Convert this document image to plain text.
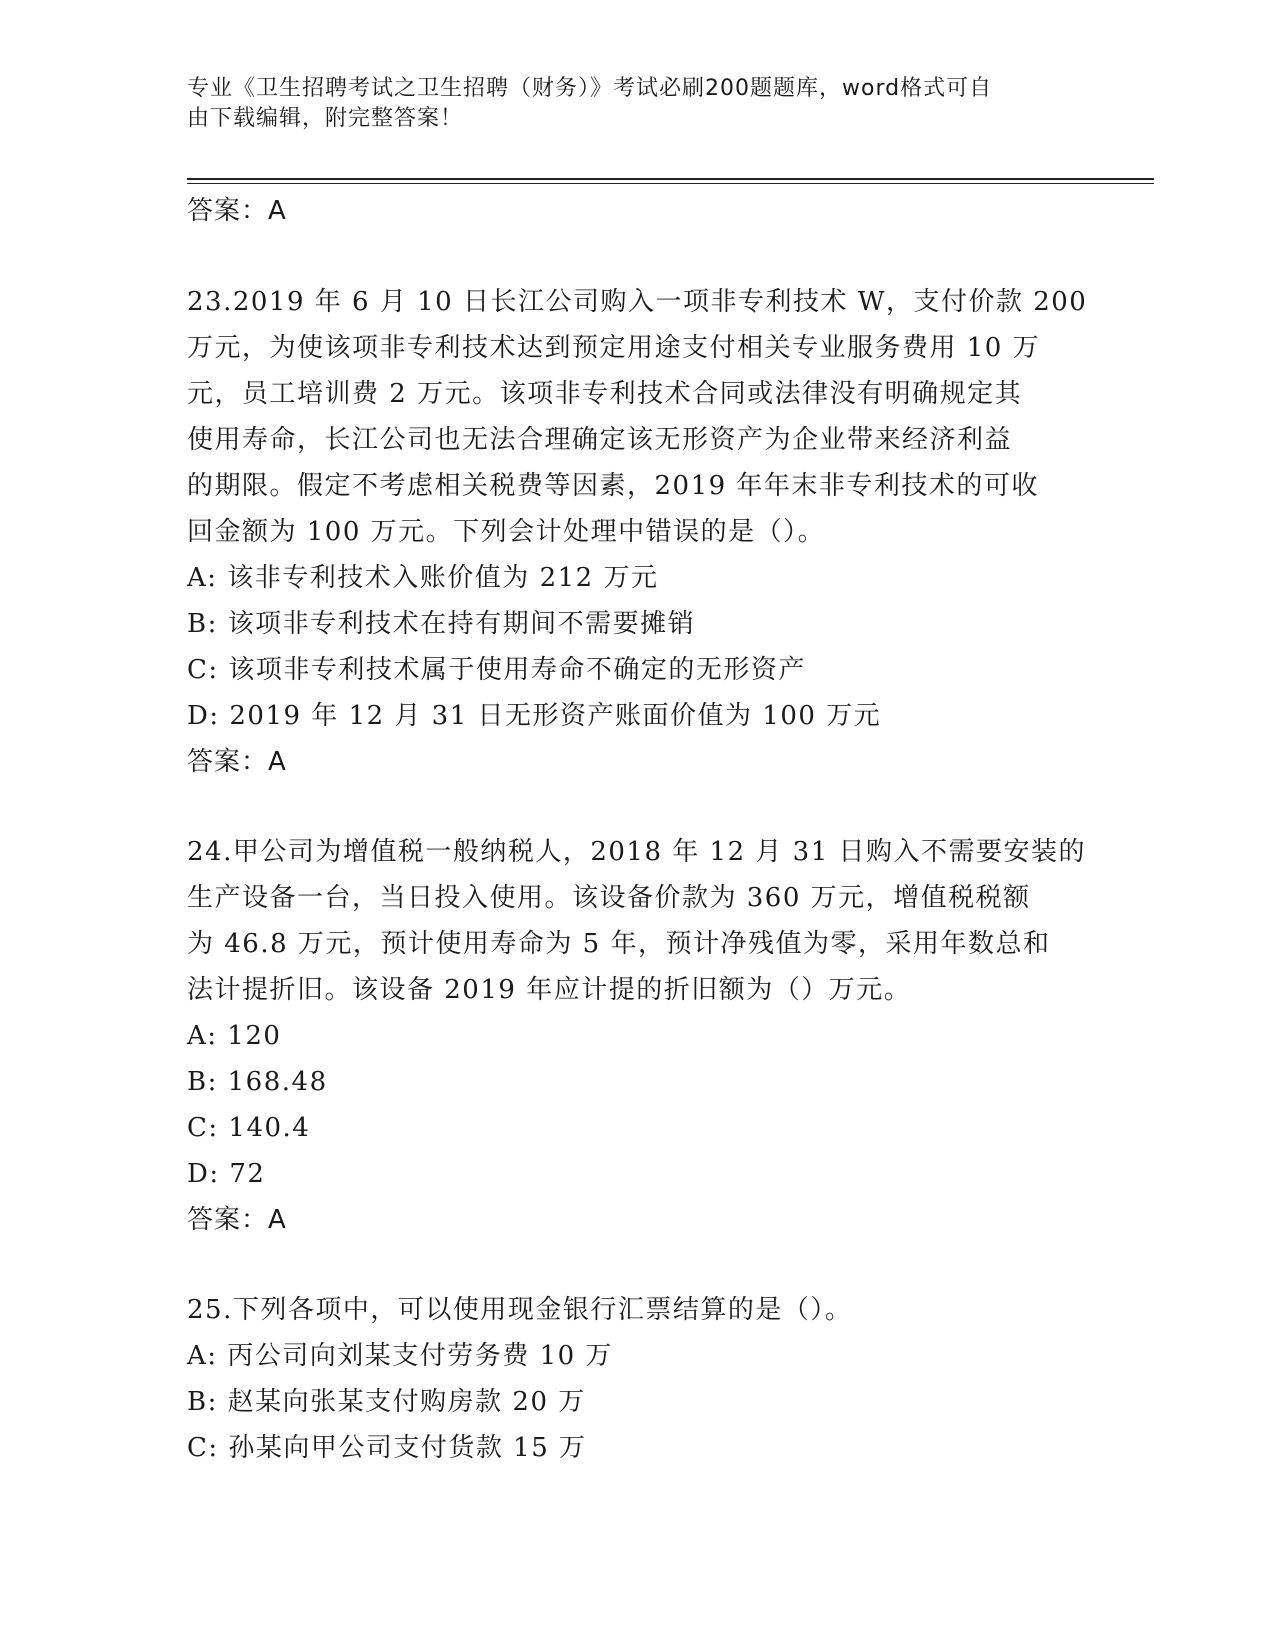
专业《卫生招聘考试之卫生招聘（财务）》考试必刷200题题库，word格式可自
由下载编辑，附完整答案！
答案：A
23.2019 年 6 月 10 日长江公司购入一项非专利技术 W，支付价款 200
万元，为使该项非专利技术达到预定用途支付相关专业服务费用 10 万
元，员工培训费 2 万元。该项非专利技术合同或法律没有明确规定其
使用寿命，长江公司也无法合理确定该无形资产为企业带来经济利益
的期限。假定不考虑相关税费等因素，2019 年年末非专利技术的可收
回金额为 100 万元。下列会计处理中错误的是（）。
A: 该非专利技术入账价值为 212 万元
B: 该项非专利技术在持有期间不需要摊销
C: 该项非专利技术属于使用寿命不确定的无形资产
D: 2019 年 12 月 31 日无形资产账面价值为 100 万元
答案：A
24.甲公司为增值税一般纳税人，2018 年 12 月 31 日购入不需要安装的
生产设备一台，当日投入使用。该设备价款为 360 万元，增值税税额
为 46.8 万元，预计使用寿命为 5 年，预计净残值为零，采用年数总和
法计提折旧。该设备 2019 年应计提的折旧额为（）万元。
A: 120
B: 168.48
C: 140.4
D: 72
答案：A
25.下列各项中，可以使用现金银行汇票结算的是（）。
A: 丙公司向刘某支付劳务费 10 万
B: 赵某向张某支付购房款 20 万
C: 孙某向甲公司支付货款 15 万
